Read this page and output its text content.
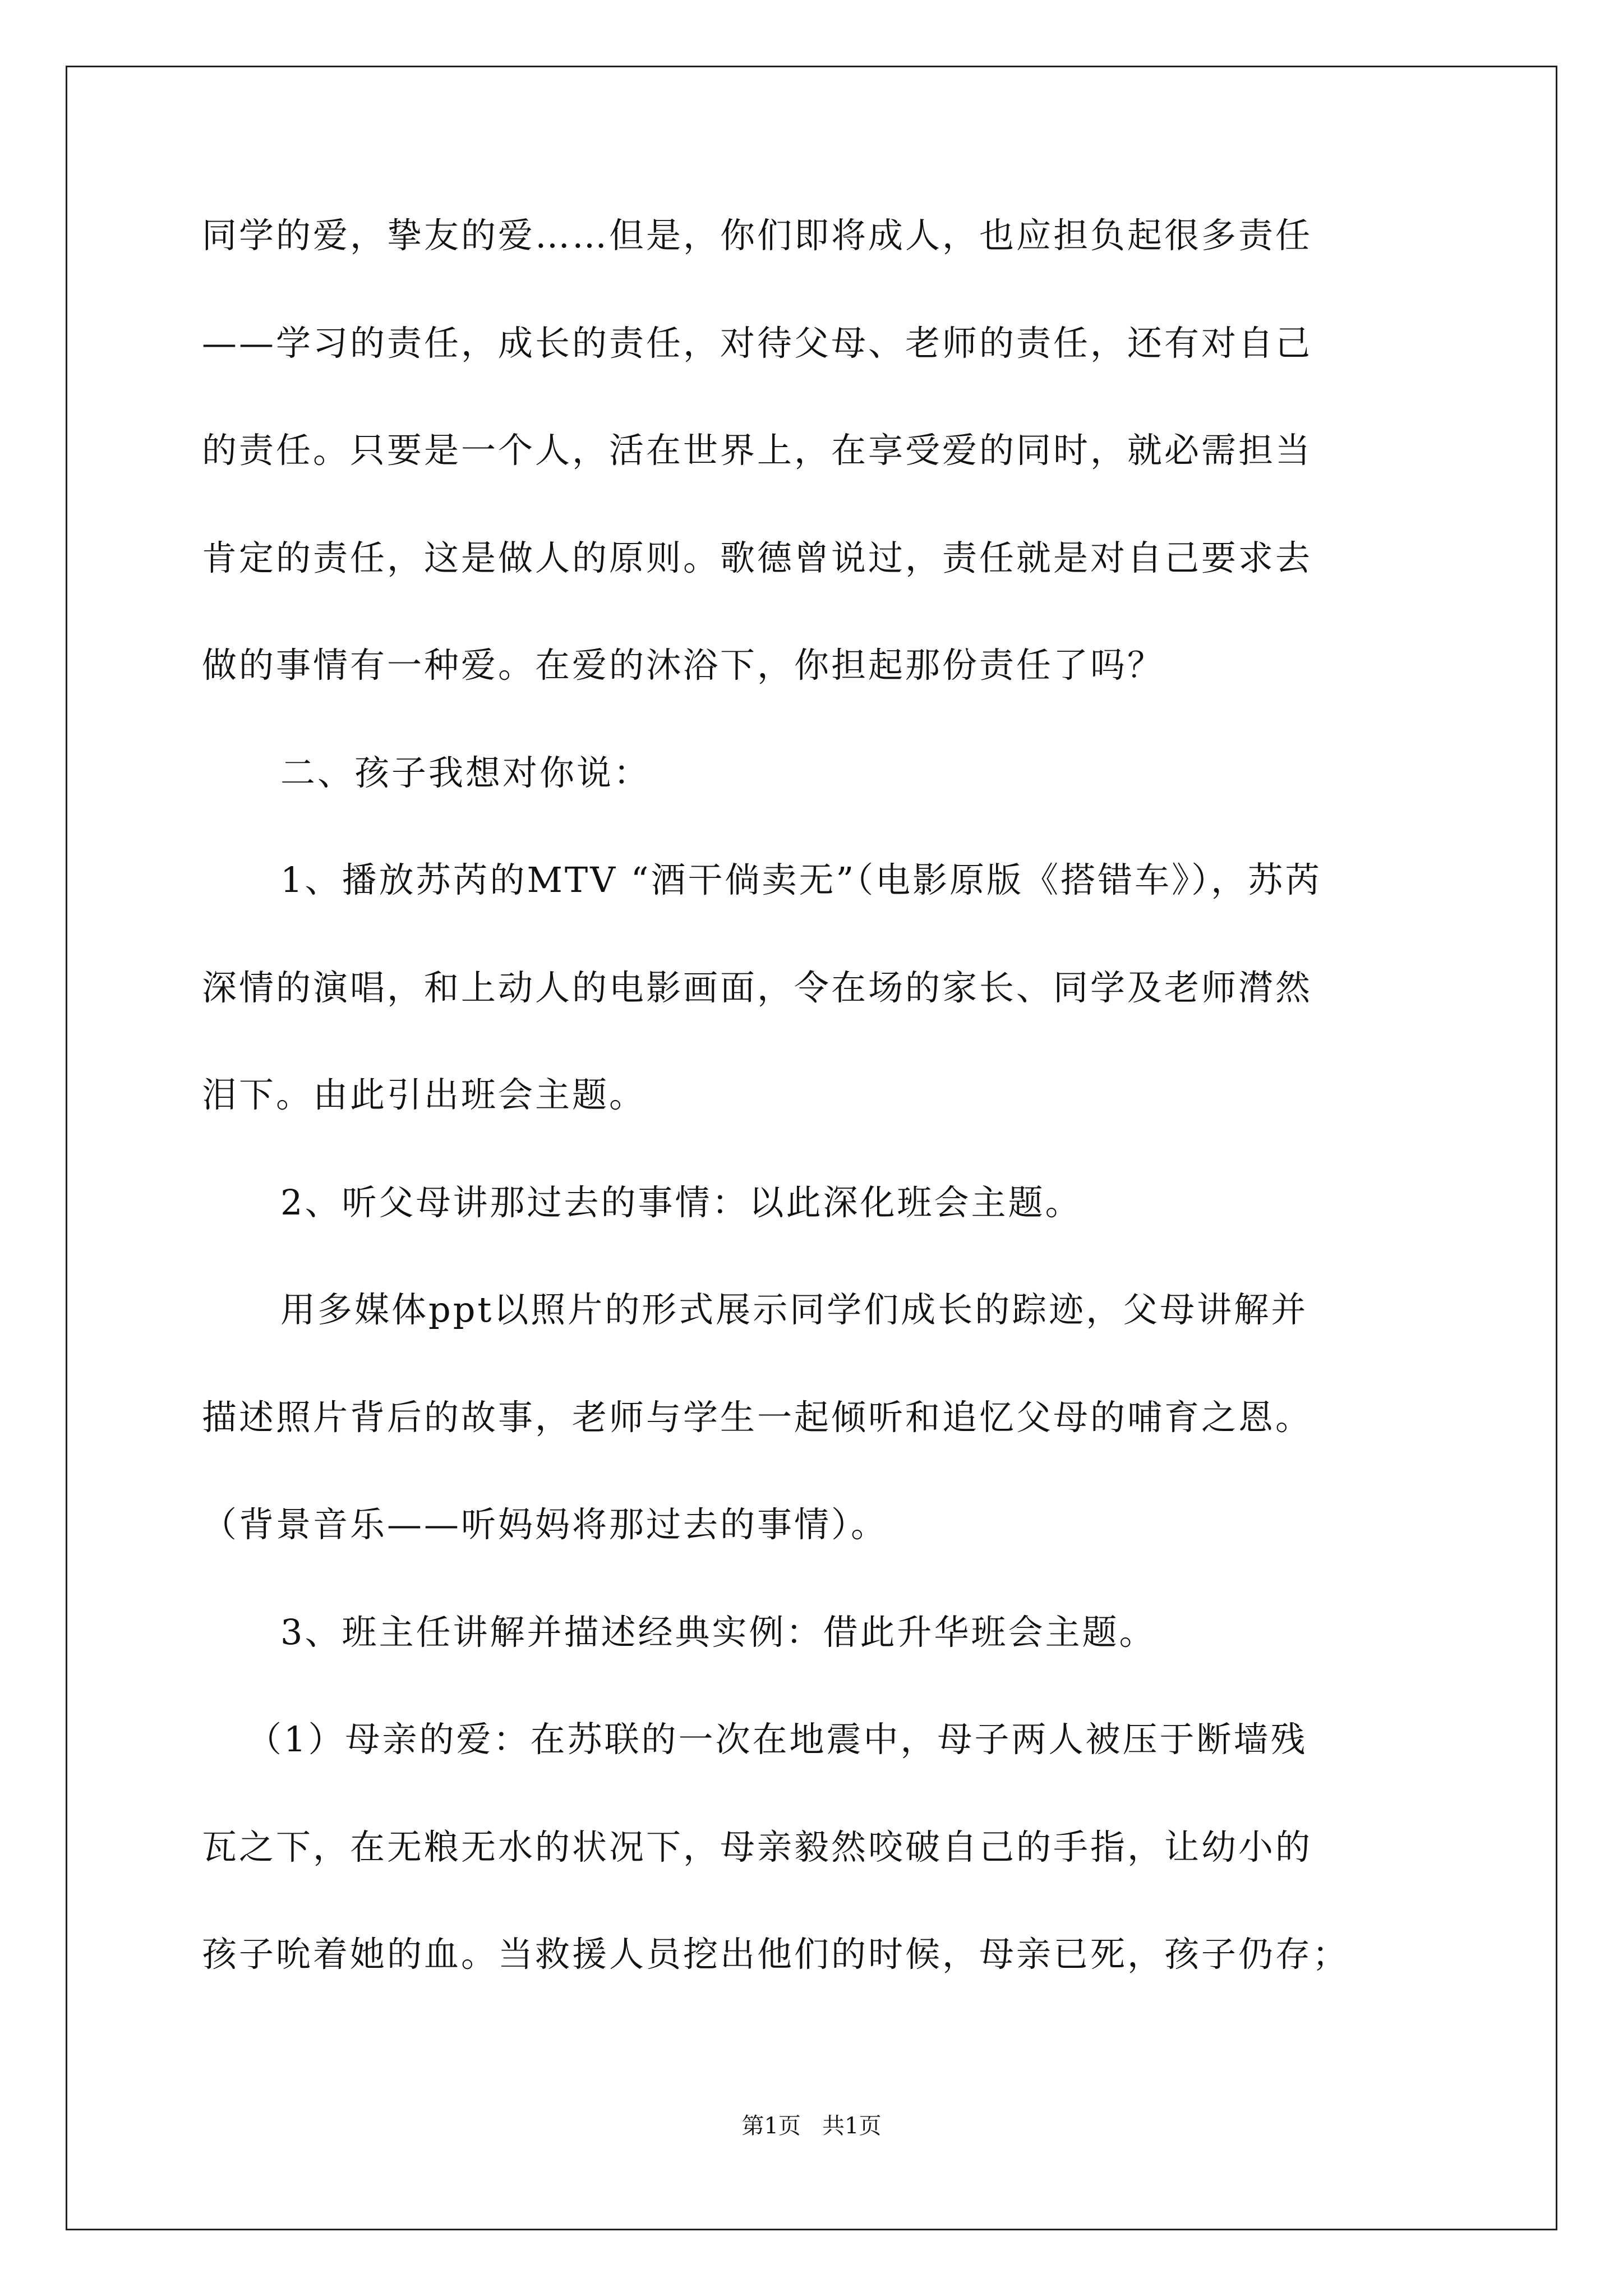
同学的爱，挚友的爱……但是，你们即将成人，也应担负起很多责任
——学习的责任，成长的责任，对待父母、老师的责任，还有对自己
的责任。只要是一个人，活在世界上，在享受爱的同时，就必需担当
肯定的责任，这是做人的原则。歌德曾说过，责任就是对自己要求去
做的事情有一种爱。在爱的沐浴下，你担起那份责任了吗？
二、孩子我想对你说：
1、播放苏芮的MTV “酒干倘卖无”（电影原版《搭错车》），苏芮
深情的演唱，和上动人的电影画面，令在场的家长、同学及老师潸然
泪下。由此引出班会主题。
2、听父母讲那过去的事情：以此深化班会主题。
用多媒体ppt以照片的形式展示同学们成长的踪迹，父母讲解并
描述照片背后的故事，老师与学生一起倾听和追忆父母的哺育之恩。
（背景音乐——听妈妈将那过去的事情）。
3、班主任讲解并描述经典实例：借此升华班会主题。
（1）母亲的爱：在苏联的一次在地震中，母子两人被压于断墙残
瓦之下，在无粮无水的状况下，母亲毅然咬破自己的手指，让幼小的
孩子吮着她的血。当救援人员挖出他们的时候，母亲已死，孩子仍存；
第1页   共1页
